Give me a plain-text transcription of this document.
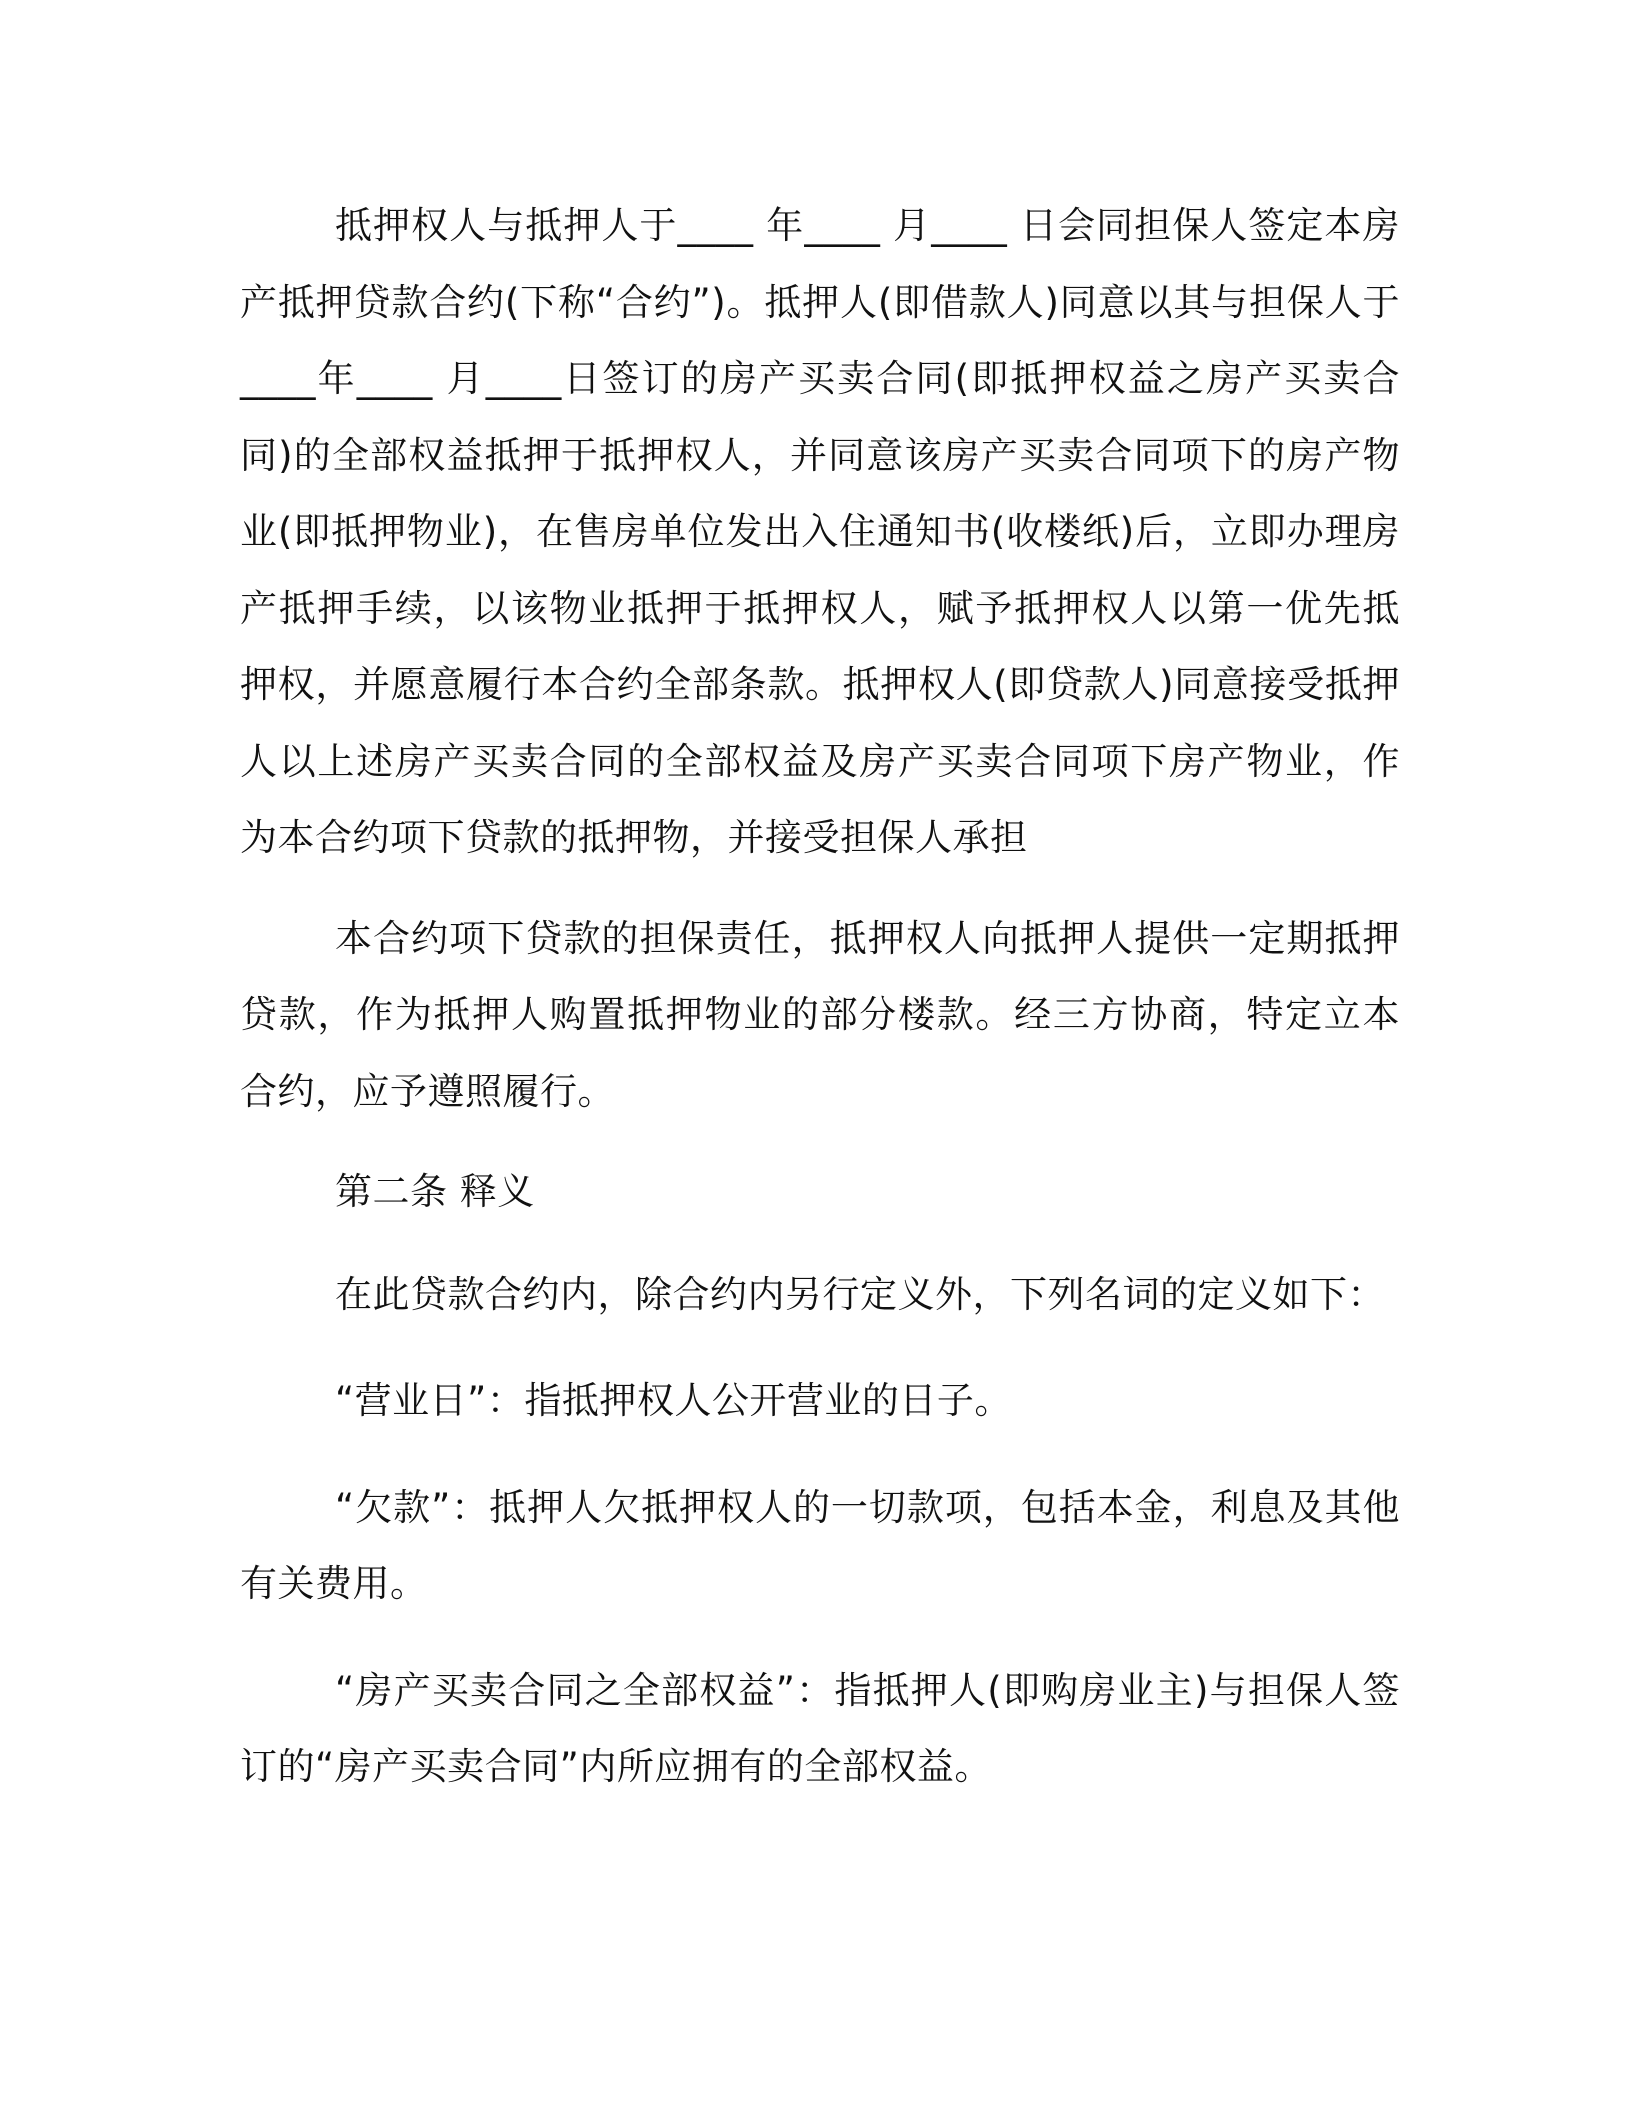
抵押权人与抵押人于____ 年____ 月____ 日会同担保人签定本房产抵押贷款合约(下称“合约”)。抵押人(即借款人)同意以其与担保人于____年____ 月____日签订的房产买卖合同(即抵押权益之房产买卖合同)的全部权益抵押于抵押权人，并同意该房产买卖合同项下的房产物业(即抵押物业)，在售房单位发出入住通知书(收楼纸)后，立即办理房产抵押手续，以该物业抵押于抵押权人，赋予抵押权人以第一优先抵押权，并愿意履行本合约全部条款。抵押权人(即贷款人)同意接受抵押人以上述房产买卖合同的全部权益及房产买卖合同项下房产物业，作为本合约项下贷款的抵押物，并接受担保人承担

本合约项下贷款的担保责任，抵押权人向抵押人提供一定期抵押贷款，作为抵押人购置抵押物业的部分楼款。经三方协商，特定立本合约，应予遵照履行。

第二条 释义

在此贷款合约内，除合约内另行定义外，下列名词的定义如下：

“营业日”：指抵押权人公开营业的日子。

“欠款”：抵押人欠抵押权人的一切款项，包括本金，利息及其他有关费用。

“房产买卖合同之全部权益”：指抵押人(即购房业主)与担保人签订的“房产买卖合同”内所应拥有的全部权益。
